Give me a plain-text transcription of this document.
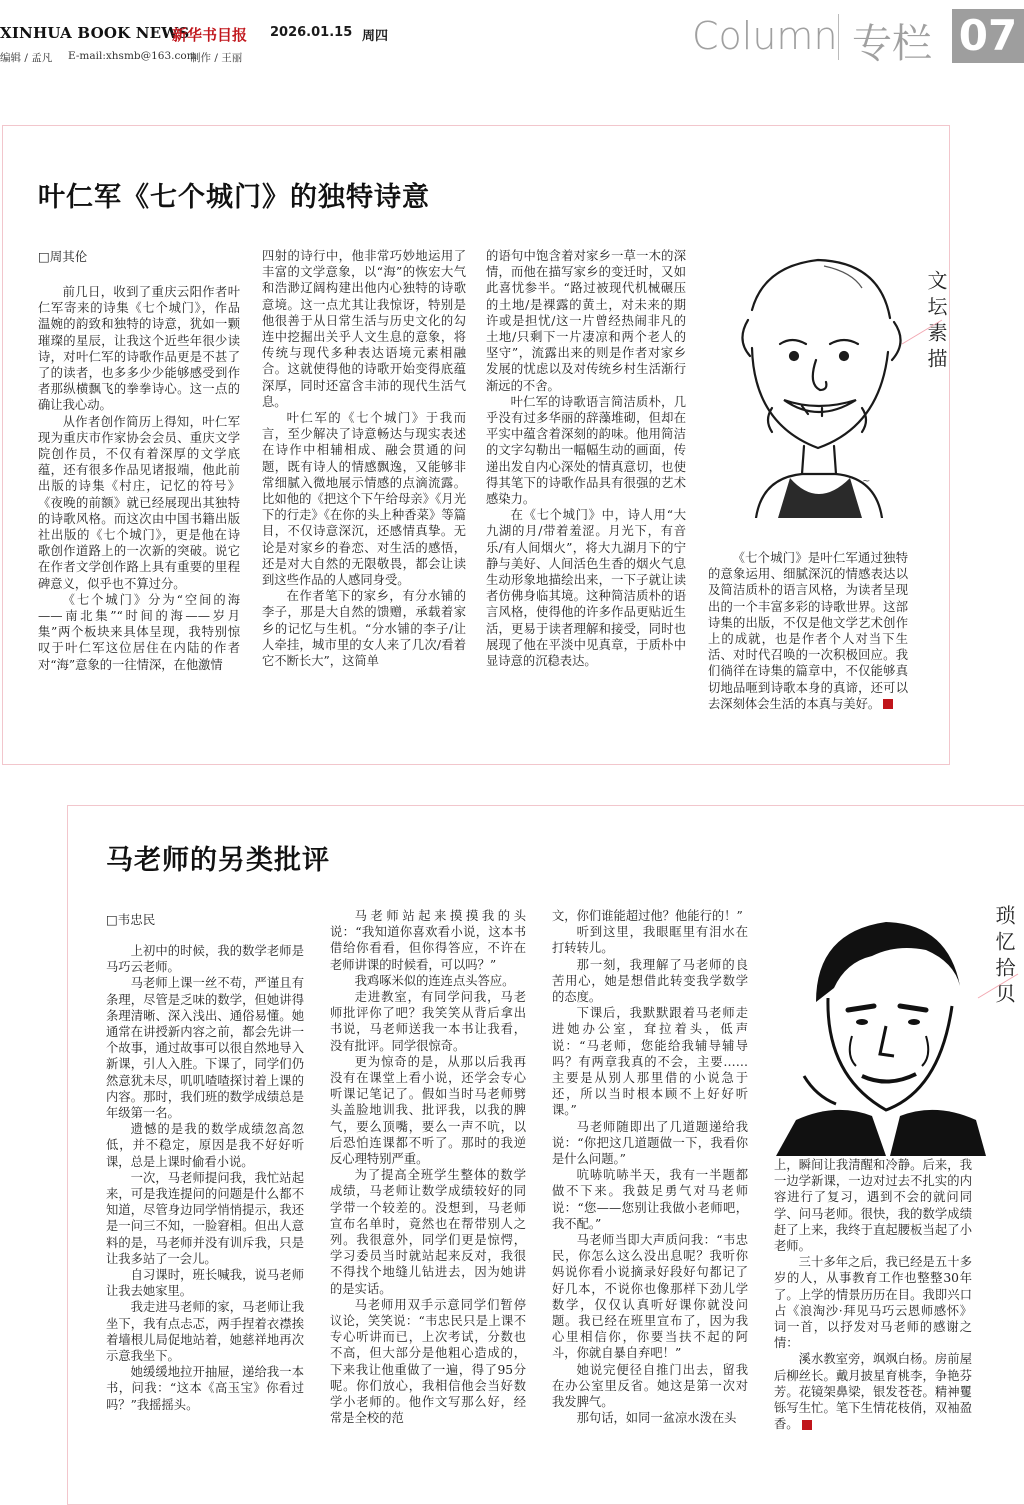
XINHUA BOOK NEWS
新华书目报 2026.01.15 周四
编辑 / 孟凡 E-mail:xhsmb@163.com
制作 / 王丽	Column 专栏 07
叶仁军《七个城门》的独特诗意
□周其伦

前几日，收到了重庆云阳作者叶仁军寄来的诗集《七个城门》，作品温婉的韵致和独特的诗意，犹如一颗璀璨的星辰，让我这个近些年很少读诗，对叶仁军的诗歌作品更是不甚了了的读者，也多多少少能够感受到作者那纵横飘飞的拳拳诗心。这一点的确让我心动。

从作者创作简历上得知，叶仁军现为重庆市作家协会会员、重庆文学院创作员，不仅有着深厚的文学底蕴，还有很多作品见诸报端，他此前出版的诗集《村庄，记忆的符号》《夜晚的前额》就已经展现出其独特的诗歌风格。而这次由中国书籍出版社出版的《七个城门》，更是他在诗歌创作道路上的一次新的突破。说它在作者文学创作路上具有重要的里程碑意义，似乎也不算过分。

《七个城门》分为“空间的海——南北集”“时间的海——岁月集”两个板块来具体呈现，我特别惊叹于叶仁军这位居住在内陆的作者对“海”意象的一往情深，在他激情

四射的诗行中，他非常巧妙地运用了丰富的文学意象，以“海”的恢宏大气和浩渺辽阔构建出他内心独特的诗歌意境。这一点尤其让我惊讶，特别是他很善于从日常生活与历史文化的勾连中挖掘出关乎人文生息的意象，将传统与现代多种表达语境元素相融合。这就使得他的诗歌开始变得底蕴深厚，同时还富含丰沛的现代生活气息。

叶仁军的《七个城门》于我而言，至少解决了诗意畅达与现实表述在诗作中相辅相成、融会贯通的问题，既有诗人的情感飘逸，又能够非常细腻入微地展示情感的点滴流露。比如他的《把这个下午给母亲》《月光下的行走》《在你的头上种香菜》等篇目，不仅诗意深沉，还感情真挚。无论是对家乡的眷恋、对生活的感悟，还是对大自然的无限敬畏，都会让读到这些作品的人感同身受。

在作者笔下的家乡，有分水铺的李子，那是大自然的馈赠，承载着家乡的记忆与生机。“分水铺的李子/让人牵挂，城市里的女人来了几次/看着它不断长大”，这简单

的语句中饱含着对家乡一草一木的深情，而他在描写家乡的变迁时，又如此喜忧参半。“路过被现代机械碾压的土地/是裸露的黄土，对未来的期许或是担忧/这一片曾经热闹非凡的土地/只剩下一片凄凉和两个老人的坚守”，流露出来的则是作者对家乡发展的忧虑以及对传统乡村生活渐行渐远的不舍。

叶仁军的诗歌语言简洁质朴，几乎没有过多华丽的辞藻堆砌，但却在平实中蕴含着深刻的韵味。他用简洁的文字勾勒出一幅幅生动的画面，传递出发自内心深处的情真意切，也使得其笔下的诗歌作品具有很强的艺术感染力。

在《七个城门》中，诗人用“大九湖的月/带着羞涩。月光下，有音乐/有人间烟火”，将大九湖月下的宁静与美好、人间活色生香的烟火气息生动形象地描绘出来，一下子就让读者仿佛身临其境。这种简洁质朴的语言风格，使得他的许多作品更贴近生活，更易于读者理解和接受，同时也展现了他在平淡中见真章，于质朴中显诗意的沉稳表达。

《七个城门》是叶仁军通过独特的意象运用、细腻深沉的情感表达以及简洁质朴的语言风格，为读者呈现出的一个丰富多彩的诗歌世界。这部诗集的出版，不仅是他文学艺术创作上的成就，也是作者个人对当下生活、对时代召唤的一次积极回应。我们徜徉在诗集的篇章中，不仅能够真切地品咂到诗歌本身的真谛，还可以去深刻体会生活的本真与美好。

~
文坛素描
马老师的另类批评
□韦忠民

上初中的时候，我的数学老师是马巧云老师。

马老师上课一丝不苟，严谨且有条理，尽管是乏味的数学，但她讲得条理清晰、深入浅出、通俗易懂。她通常在讲授新内容之前，都会先讲一个故事，通过故事可以很自然地导入新课，引人入胜。下课了，同学们仍然意犹未尽，叽叽喳喳探讨着上课的内容。那时，我们班的数学成绩总是年级第一名。

遗憾的是我的数学成绩忽高忽低，并不稳定，原因是我不好好听课，总是上课时偷看小说。

一次，马老师提问我，我忙站起来，可是我连提问的问题是什么都不知道，尽管身边同学悄悄提示，我还是一问三不知，一脸窘相。但出人意料的是，马老师并没有训斥我，只是让我多站了一会儿。

自习课时，班长喊我，说马老师让我去她家里。

我走进马老师的家，马老师让我坐下，我有点忐忑，两手捏着衣襟挨着墙根儿局促地站着，她慈祥地再次示意我坐下。

她缓缓地拉开抽屉，递给我一本书，问我：“这本《高玉宝》你看过吗？”我摇摇头。

马老师站起来摸摸我的头说：“我知道你喜欢看小说，这本书借给你看看，但你得答应，不许在老师讲课的时候看，可以吗？”

我鸡啄米似的连连点头答应。

走进教室，有同学问我，马老师批评你了吧？我笑笑从背后拿出书说，马老师送我一本书让我看，没有批评。同学很惊奇。

更为惊奇的是，从那以后我再没有在课堂上看小说，还学会专心听课记笔记了。假如当时马老师劈头盖脸地训我、批评我，以我的脾气，要么顶嘴，要么一声不吭，以后恐怕连课都不听了。那时的我逆反心理特别严重。

为了提高全班学生整体的数学成绩，马老师让数学成绩较好的同学带一个较差的。没想到，马老师宣布名单时，竟然也在帮带别人之列。我很意外，同学们更是惊愕，学习委员当时就站起来反对，我很不得找个地缝儿钻进去，因为她讲的是实话。

马老师用双手示意同学们暂停议论，笑笑说：“韦忠民只是上课不专心听讲而已，上次考试，分数也不高，但大部分是他粗心造成的，下来我让他重做了一遍，得了95分呢。你们放心，我相信他会当好数学小老师的。他作文写那么好，经常是全校的范

文，你们谁能超过他？他能行的！”

听到这里，我眼眶里有泪水在打转转儿。

那一刻，我理解了马老师的良苦用心，她是想借此转变我学数学的态度。

下课后，我默默跟着马老师走进她办公室，耷拉着头，低声说：“马老师，您能给我辅导辅导吗？有两章我真的不会，主要……主要是从别人那里借的小说急于还，所以当时根本顾不上好好听课。”

马老师随即出了几道题递给我说：“你把这几道题做一下，我看你是什么问题。”

吭哧吭哧半天，我有一半题都做不下来。我鼓足勇气对马老师说：“您——您别让我做小老师吧，我不配。”

马老师当即大声质问我：“韦忠民，你怎么这么没出息呢？我听你妈说你看小说摘录好段好句都记了好几本，不说你也像那样下劲儿学数学，仅仅认真听好课你就没问题。我已经在班里宣布了，因为我心里相信你，你要当扶不起的阿斗，你就自暴自弃吧！”

她说完便径自推门出去，留我在办公室里反省。她这是第一次对我发脾气。

那句话，如同一盆凉水泼在头

上，瞬间让我清醒和冷静。后来，我一边学新课，一边对过去不扎实的内容进行了复习，遇到不会的就问同学、问马老师。很快，我的数学成绩赶了上来，我终于直起腰板当起了小老师。

三十多年之后，我已经是五十多岁的人，从事教育工作也整整30年了。上学的情景历历在目。我即兴口占《浪淘沙·拜见马巧云恩师感怀》词一首，以抒发对马老师的感谢之情：

溪水教室旁，飒飒白杨。房前屋后柳丝长。戴月披星育桃李，争艳芬芳。花镜架鼻梁，银发苍苍。精神矍铄写生忙。笔下生情花枝俏，双袖盈香。

琐忆拾贝
